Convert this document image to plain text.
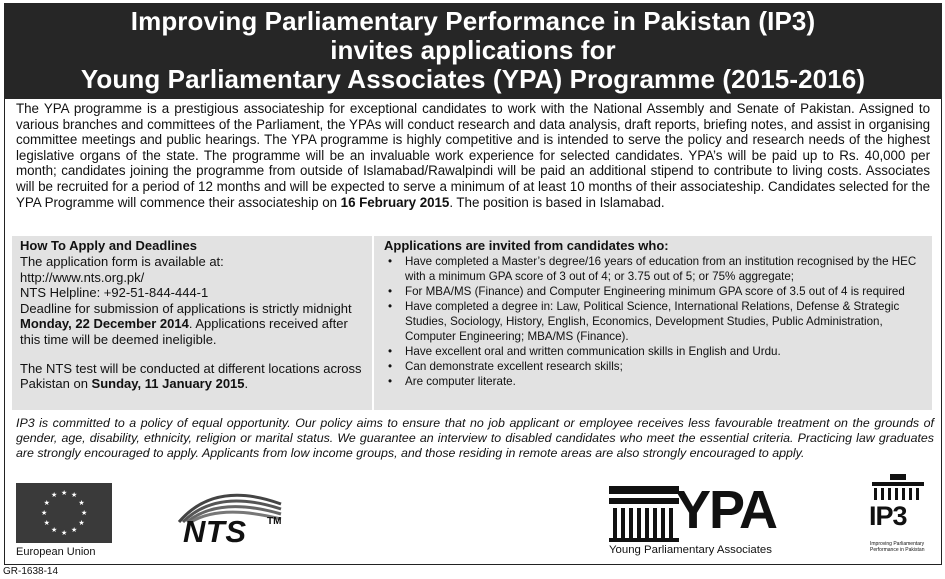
Improving Parliamentary Performance in Pakistan (IP3)
invites applications for
Young Parliamentary Associates (YPA) Programme (2015-2016)
The YPA programme is a prestigious associateship for exceptional candidates to work with the National Assembly and Senate of Pakistan. Assigned to various branches and committees of the Parliament, the YPAs will conduct research and data analysis, draft reports, briefing notes, and assist in organising committee meetings and public hearings. The YPA programme is highly competitive and is intended to serve the policy and research needs of the highest legislative organs of the state. The programme will be an invaluable work experience for selected candidates. YPA’s will be paid up to Rs. 40,000 per month; candidates joining the programme from outside of Islamabad/Rawalpindi will be paid an additional stipend to contribute to living costs. Associates will be recruited for a period of 12 months and will be expected to serve a minimum of at least 10 months of their associateship. Candidates selected for the YPA Programme will commence their associateship on 16 February 2015. The position is based in Islamabad.
How To Apply and Deadlines

The application form is available at:

http://www.nts.org.pk/

NTS Helpline: +92-51-844-444-1

Deadline for submission of applications is strictly midnight Monday, 22 December 2014. Applications received after this time will be deemed ineligible.

The NTS test will be conducted at different locations across Pakistan on Sunday, 11 January 2015.

Applications are invited from candidates who:
• Have completed a Master’s degree/16 years of education from an institution recognised by the HEC with a minimum GPA score of 3 out of 4; or 3.75 out of 5; or 75% aggregate;
• For MBA/MS (Finance) and Computer Engineering minimum GPA score of 3.5 out of 4 is required
• Have completed a degree in: Law, Political Science, International Relations, Defense & Strategic Studies, Sociology, History, English, Economics, Development Studies, Public Administration, Computer Engineering; MBA/MS (Finance).
• Have excellent oral and written communication skills in English and Urdu.
• Can demonstrate excellent research skills;
• Are computer literate.
IP3 is committed to a policy of equal opportunity. Our policy aims to ensure that no job applicant or employee receives less favourable treatment on the grounds of gender, age, disability, ethnicity, religion or marital status. We guarantee an interview to disabled candidates who meet the essential criteria. Practicing law graduates are strongly encouraged to apply. Applicants from low income groups, and those residing in remote areas are also strongly encouraged to apply.
★ ★
★
★
★
★
★
★
★
★
★
★
European Union
NTS TM	YPA
Young Parliamentary Associates
IP3
Improving Parliamentary Performance in Pakistan
GR-1638-14
